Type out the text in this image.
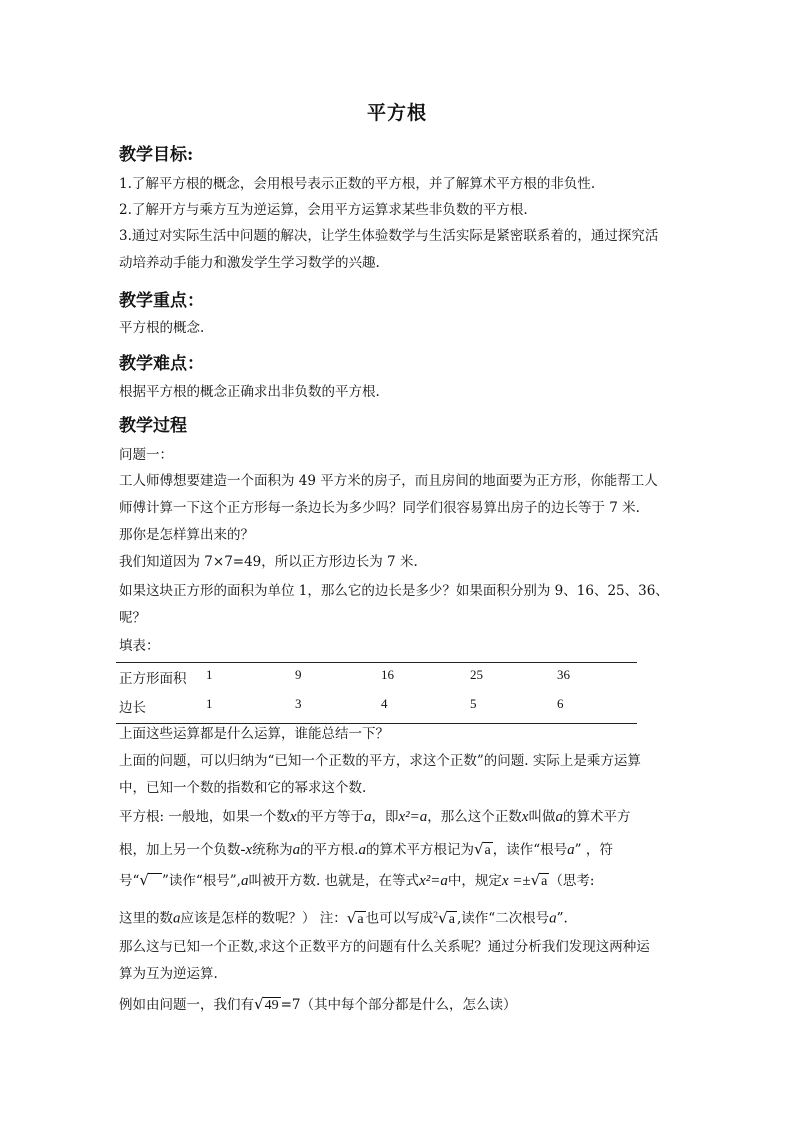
平方根
教学目标:
1.了解平方根的概念，会用根号表示正数的平方根，并了解算术平方根的非负性.
2.了解开方与乘方互为逆运算，会用平方运算求某些非负数的平方根.
3.通过对实际生活中问题的解决，让学生体验数学与生活实际是紧密联系着的，通过探究活
动培养动手能力和激发学生学习数学的兴趣.
教学重点：
平方根的概念.
教学难点：
根据平方根的概念正确求出非负数的平方根.
教学过程
问题一：
工人师傅想要建造一个面积为 49 平方米的房子，而且房间的地面要为正方形，你能帮工人
师傅计算一下这个正方形每一条边长为多少吗？同学们很容易算出房子的边长等于 7 米.
那你是怎样算出来的？
我们知道因为 7×7=49，所以正方形边长为 7 米.
如果这块正方形的面积为单位 1，那么它的边长是多少？如果面积分别为 9、16、25、36、
呢？
填表：
正方形面积 1	9	16	25	36
边长	1	3	4	5	6
上面这些运算都是什么运算，谁能总结一下？
上面的问题，可以归纳为“已知一个正数的平方，求这个正数”的问题. 实际上是乘方运算
中，已知一个数的指数和它的幂求这个数.
平方根: 一般地，如果一个数x的平方等于a，即x²=a，那么这个正数x叫做a的算术平方
根，加上另一个负数-x统称为a的平方根.a的算术平方根记为√a ，读作“根号a” ，符
号“√ ”读作“根号”,a叫被开方数. 也就是，在等式x²=a中，规定x =±√a （思考:
这里的数a应该是怎样的数呢？） 注：√a 也可以写成$^2$√a ,读作“二次根号a”.
那么这与已知一个正数,求这个正数平方的问题有什么关系呢？通过分析我们发现这两种运
算为互为逆运算.
例如由问题一，我们有√49 =7（其中每个部分都是什么，怎么读）
